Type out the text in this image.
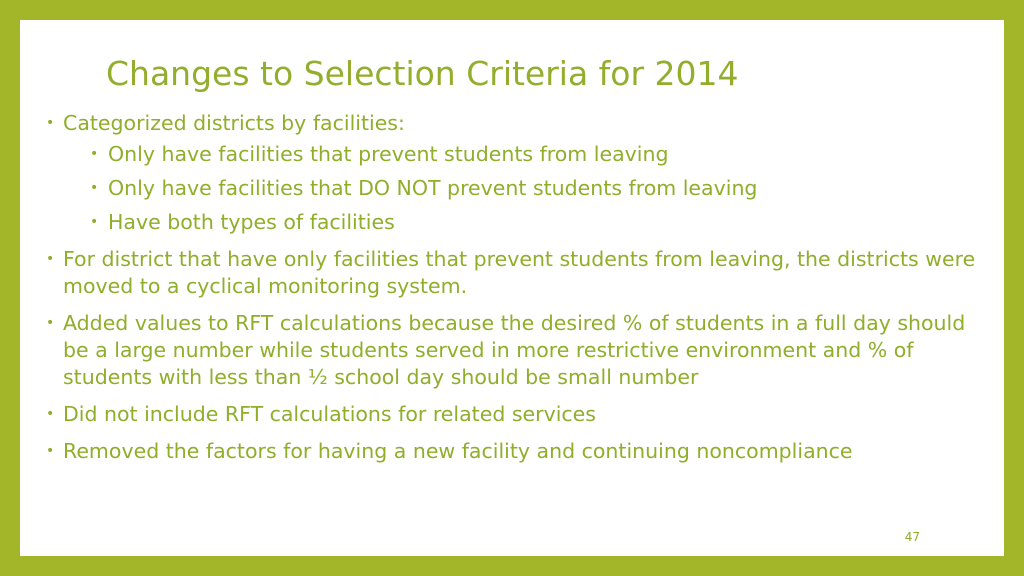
Changes to Selection Criteria for 2014
• Categorized districts by facilities:
• Only have facilities that prevent students from leaving
• Only have facilities that DO NOT prevent students from leaving
• Have both types of facilities
• For district that have only facilities that prevent students from leaving, the districts were moved to a cyclical monitoring system.
• Added values to RFT calculations because the desired % of students in a full day should be a large number while students served in more restrictive environment and % of students with less than ½ school day should be small number
• Did not include RFT calculations for related services
• Removed the factors for having a new facility and continuing noncompliance
47
